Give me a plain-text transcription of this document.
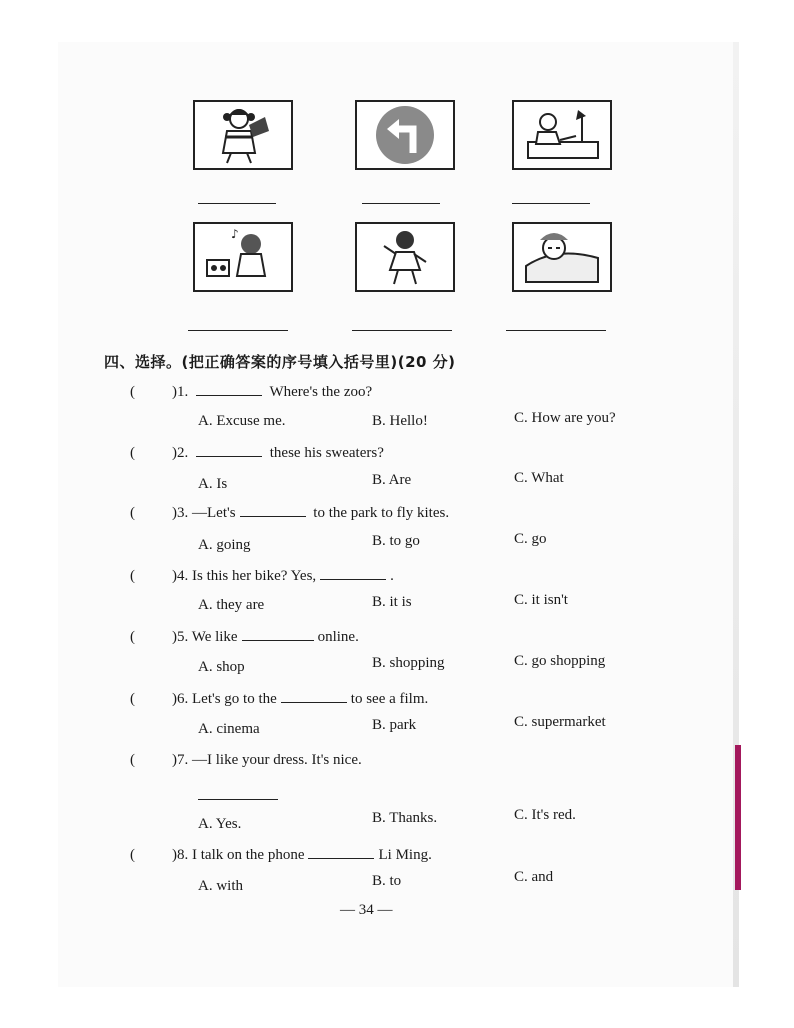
♪
四、选择。(把正确答案的序号填入括号里)(20 分)
( )1.	Where's the zoo?
A. Excuse me.	B. Hello!	C. How are you?
( )2.	these his sweaters?
A. Is	B. Are	C. What
( )3. —Let's	to the park to fly kites.
A. going	B. to go	C. go
( )4. Is this her bike? Yes,	.
A. they are	B. it is	C. it isn't
( )5. We like	online.
A. shop	B. shopping	C. go shopping
( )6. Let's go to the	to see a film.
A. cinema	B. park	C. supermarket
( )7. —I like your dress. It's nice.
A. Yes.	B. Thanks.	C. It's red.
( )8. I talk on the phone	Li Ming.
A. with	B. to	C. and
— 34 —
